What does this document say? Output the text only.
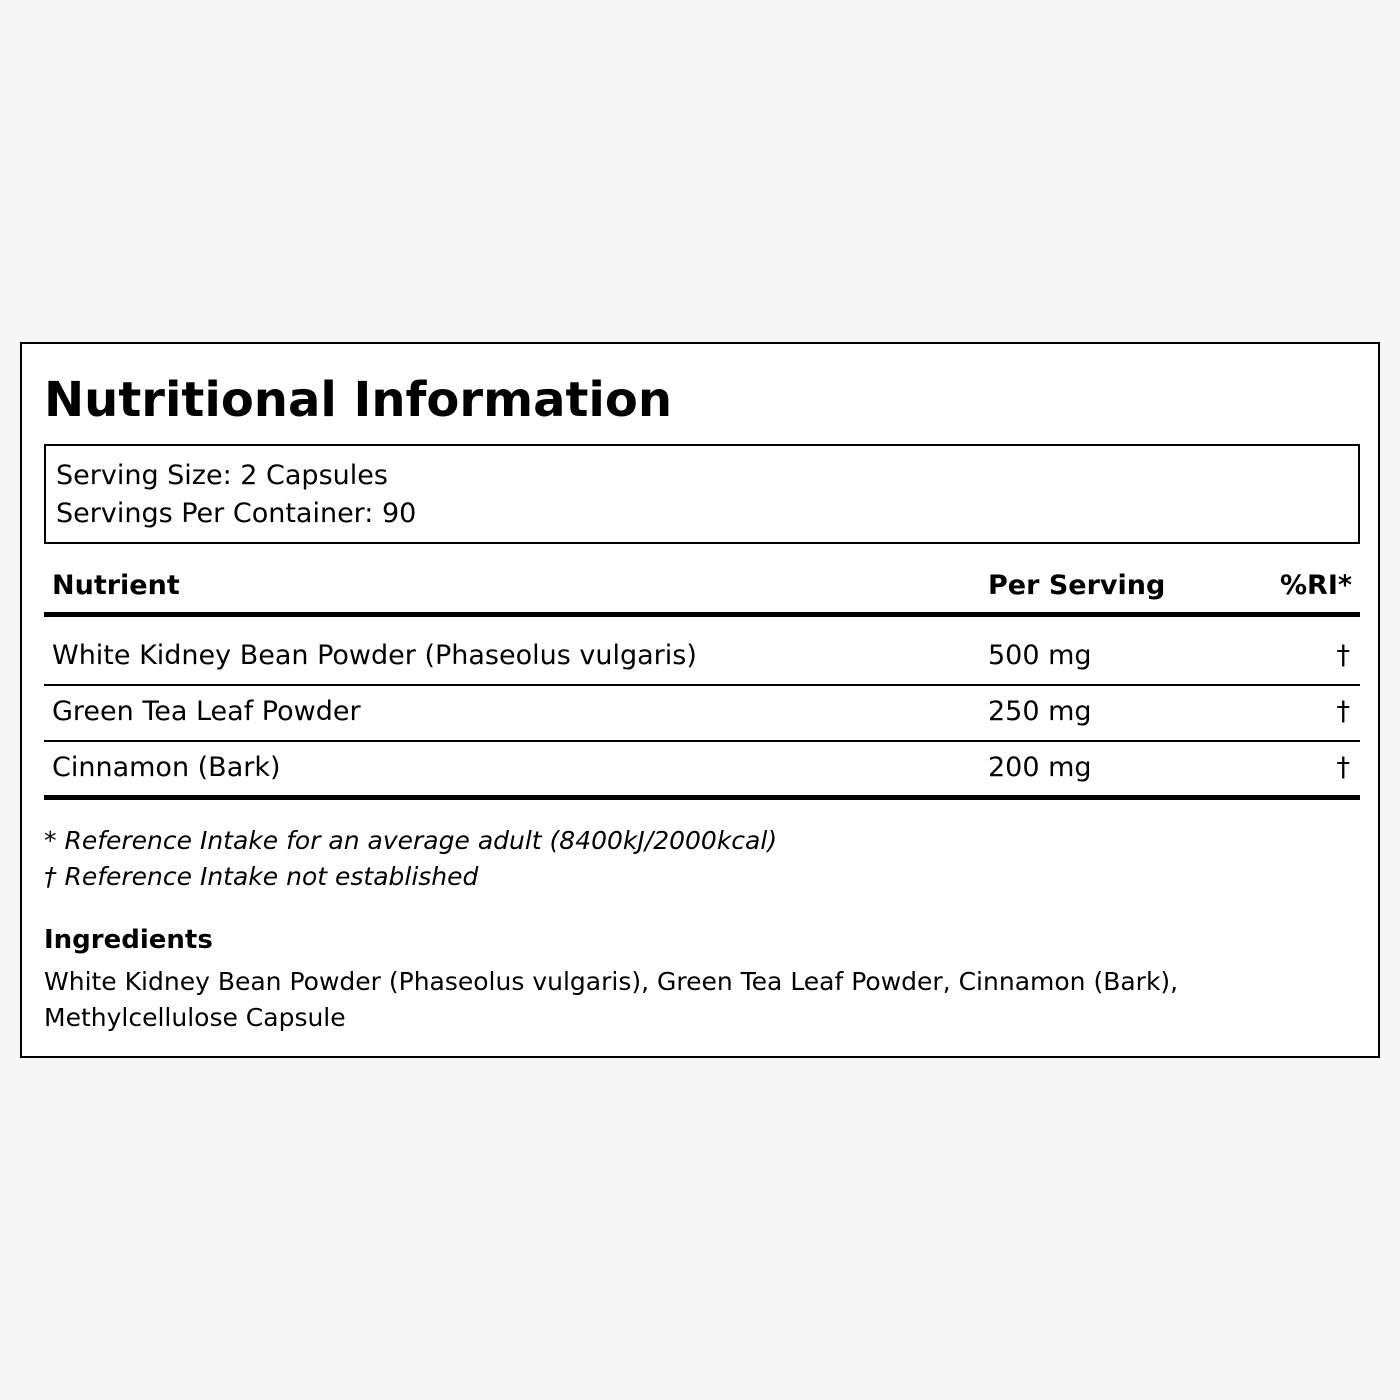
Nutritional Information
Serving Size: 2 Capsules
Servings Per Container: 90
Nutrient	Per Serving	%RI*
White Kidney Bean Powder (Phaseolus vulgaris)	500 mg	†
Green Tea Leaf Powder	250 mg	†
Cinnamon (Bark)	200 mg	†
* Reference Intake for an average adult (8400kJ/2000kcal)
† Reference Intake not established
Ingredients
White Kidney Bean Powder (Phaseolus vulgaris), Green Tea Leaf Powder, Cinnamon (Bark), Methylcellulose Capsule
